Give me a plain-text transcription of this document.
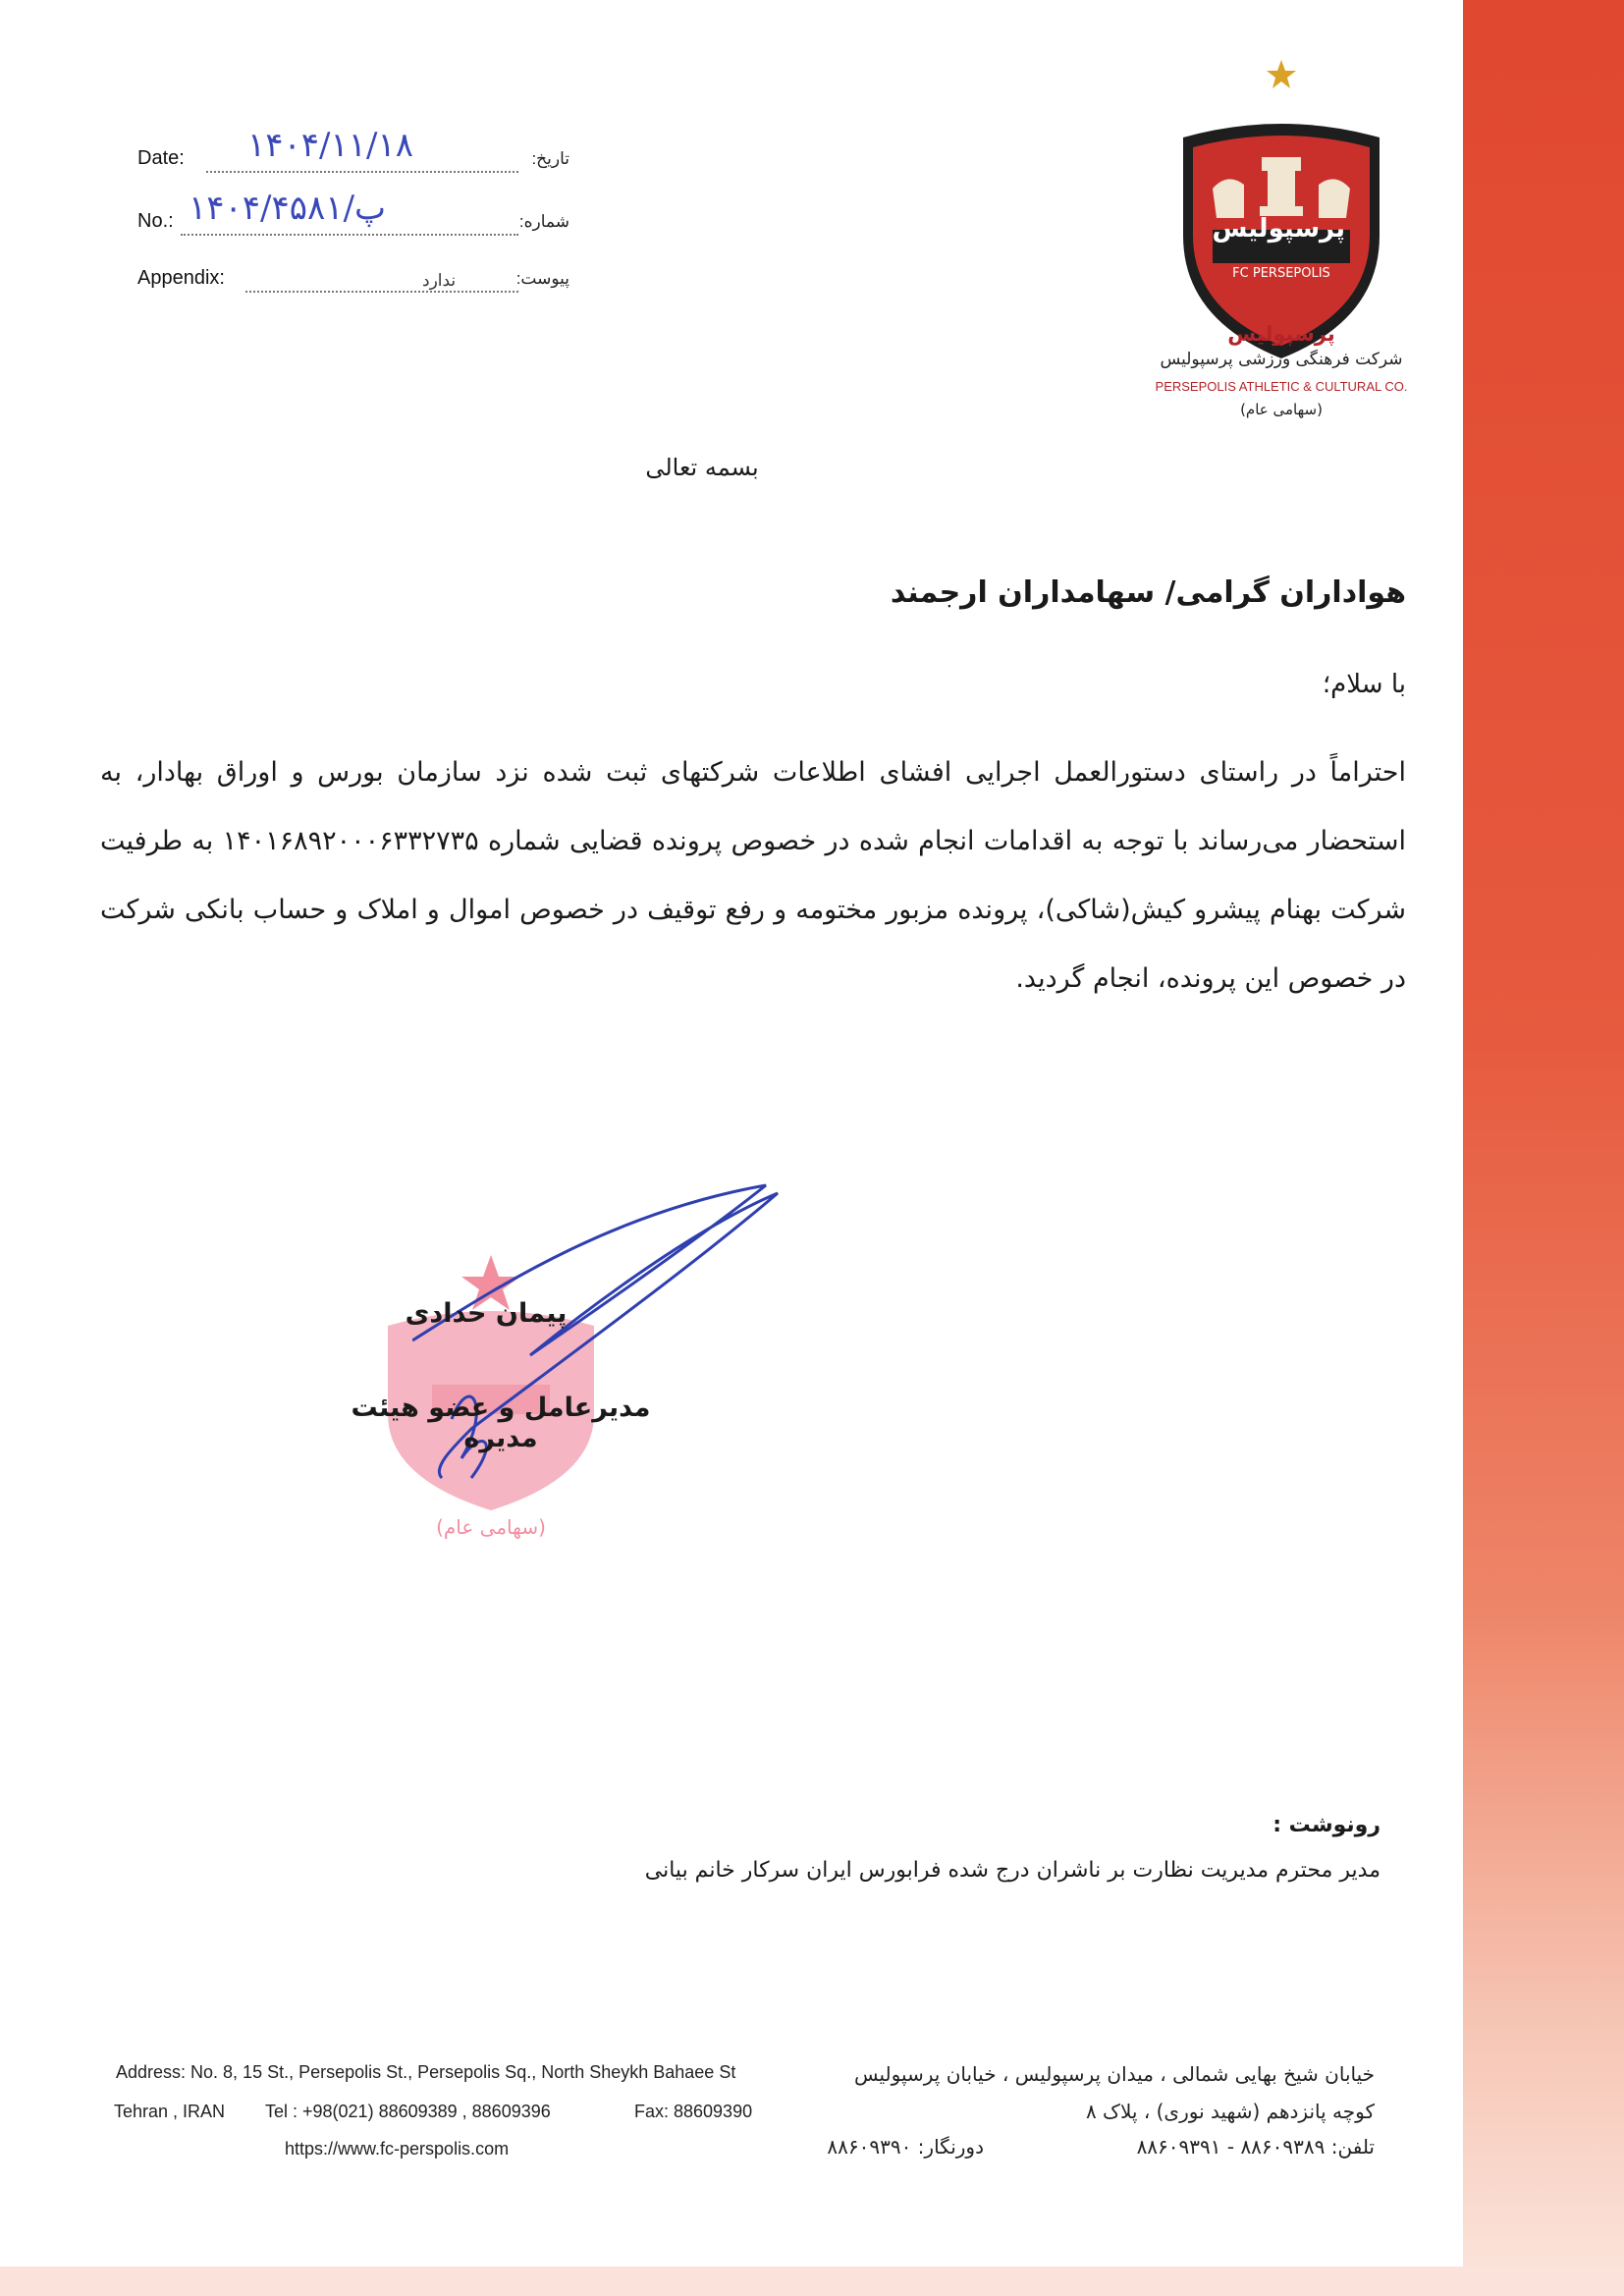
Date: ۱۴۰۴/۱۱/۱۸	تاریخ:
No.: ۱۴۰۴/پ/۴۵۸۱	شماره:
Appendix:	ندارد	پیوست:	FC PERSEPOLIS
پرسپولیس
پرسپولیس
شرکت فرهنگی ورزشی پرسپولیس
PERSEPOLIS ATHLETIC & CULTURAL CO.
(سهامی عام)
بسمه تعالی
هواداران گرامی/ سهامداران ارجمند
با سلام؛
احتراماً در راستای دستورالعمل اجرایی افشای اطلاعات شرکتهای ثبت شده نزد سازمان بورس و اوراق بهادار، به استحضار می‌رساند با توجه به اقدامات انجام شده در خصوص پرونده قضایی شماره ۱۴۰۱۶۸۹۲۰۰۰۶۳۳۲۷۳۵ به طرفیت شرکت بهنام پیشرو کیش(شاکی)، پرونده مزبور مختومه و رفع توقیف در خصوص اموال و املاک و حساب بانکی شرکت در خصوص این پرونده، انجام گردید.
(سهامی عام)
پیمان حدادی
مدیرعامل و عضو هیئت مدیره
رونوشت :
مدیر محترم مدیریت نظارت بر ناشران درج شده فرابورس ایران سرکار خانم بیانی
Address: No. 8, 15 St., Persepolis St., Persepolis Sq., North Sheykh Bahaee St
Tehran , IRAN Tel : +98(021) 88609389 , 88609396	Fax: 88609390
https://www.fc-perspolis.com
خیابان شیخ بهایی شمالی ، میدان پرسپولیس ، خیابان پرسپولیس
کوچه پانزدهم (شهید نوری) ، پلاک ۸
تلفن: ۸۸۶۰۹۳۸۹ - ۸۸۶۰۹۳۹۱
دورنگار: ۸۸۶۰۹۳۹۰
